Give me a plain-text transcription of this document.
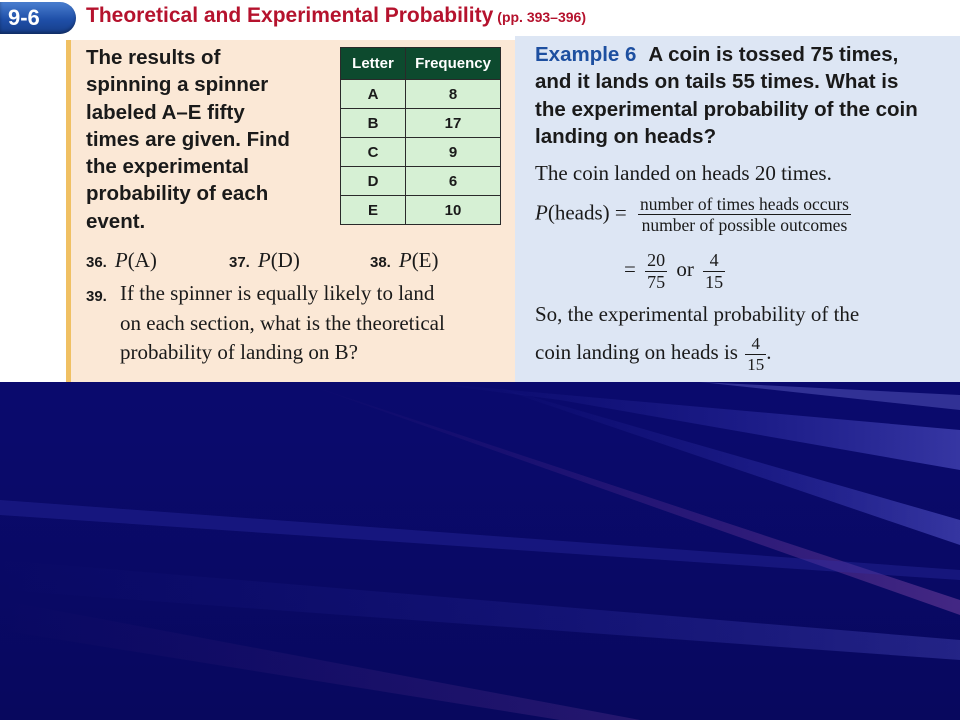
9-6	Theoretical and Experimental Probability (pp. 393–396)
The results of
spinning a spinner
labeled A–E fifty
times are given. Find
the experimental
probability of each
event.
Letter	Frequency
A	8
B	17
C	9
D	6
E	10
36. P(A)	37. P(D)	38. P(E)
39. If the spinner is equally likely to land
on each section, what is the theoretical
probability of landing on B?
Example 6 A coin is tossed 75 times,
and it lands on tails 55 times. What is
the experimental probability of the coin
landing on heads?
The coin landed on heads 20 times.
P(heads) = $\frac{\text{number of times heads occurs}}{\text{number of possible outcomes}}$
= $\frac{20}{75}$ or $\frac{4}{15}$
So, the experimental probability of the
coin landing on heads is $\frac{4}{15}$ .
